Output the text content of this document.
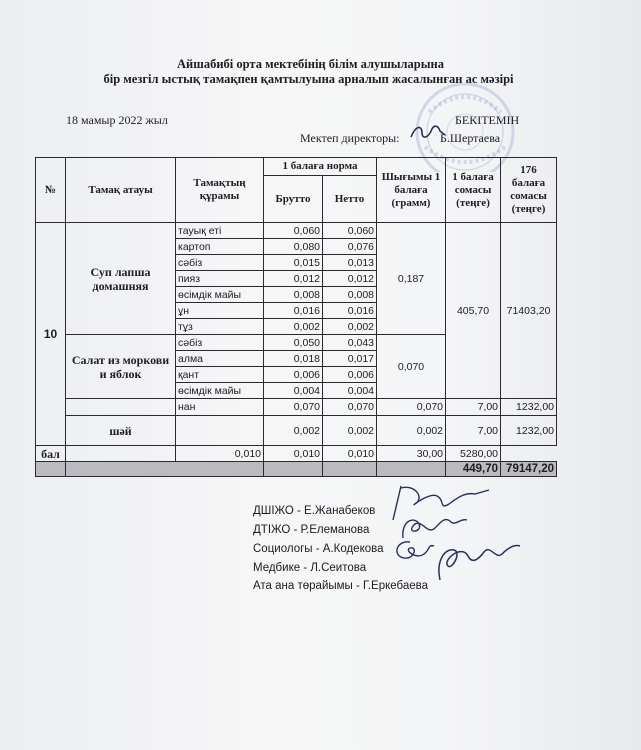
Айшабибі орта мектебінің білім алушыларына
бір мезгіл ыстық тамақпен қамтылуына арналып жасалынған ас мәзірі
18 мамыр 2022 жыл	БЕКІТЕМІН
Мектеп директоры:	Б.Шертаева
№	Тамақ атауы	Тамақтың құрамы	1 балаға норма		Шығымы 1 балаға (грамм)	1 балаға сомасы (теңге)	176 балаға сомасы (теңге)
			Брутто	Нетто			
10	Суп лапша домашняя	тауық еті	0,060	0,060	0,187	405,70	71403,20
		картоп	0,080	0,076			
		сәбіз	0,015	0,013			
		пияз	0,012	0,012			
		өсімдік майы	0,008	0,008			
		ұн	0,016	0,016			
		тұз	0,002	0,002			
	Салат из моркови и яблок	сәбіз	0,050	0,043	0,070		
		алма	0,018	0,017			
		қант	0,006	0,006			
		өсімдік майы	0,004	0,004			
		нан	0,070	0,070	0,070	7,00	1232,00
	шәй		0,002	0,002	0,002	7,00	1232,00
бал		0,010	0,010	0,010	30,00	5280,00	
						449,70	79147,20
ДШІЖО - Е.Жанабеков
ДТІЖО - Р.Елеманова
Социологы - А.Кодекова
Медбике - Л.Сеитова
Ата ана төрайымы - Г.Еркебаева
